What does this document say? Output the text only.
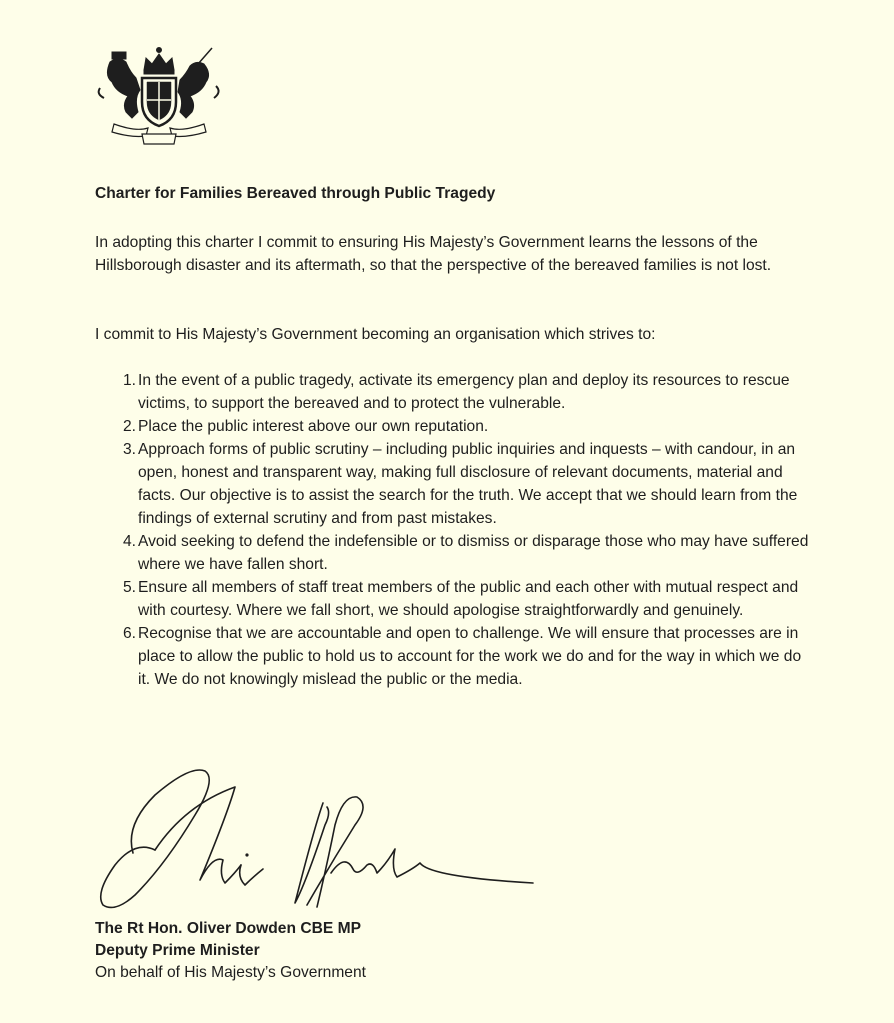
Charter for Families Bereaved through Public Tragedy

In adopting this charter I commit to ensuring His Majesty’s Government learns the lessons of the Hillsborough disaster and its aftermath, so that the perspective of the bereaved families is not lost.

I commit to His Majesty’s Government becoming an organisation which strives to:

1. In the event of a public tragedy, activate its emergency plan and deploy its resources to rescue victims, to support the bereaved and to protect the vulnerable.
2. Place the public interest above our own reputation.
3. Approach forms of public scrutiny – including public inquiries and inquests – with candour, in an open, honest and transparent way, making full disclosure of relevant documents, material and facts. Our objective is to assist the search for the truth. We accept that we should learn from the findings of external scrutiny and from past mistakes.
4. Avoid seeking to defend the indefensible or to dismiss or disparage those who may have suffered where we have fallen short.
5. Ensure all members of staff treat members of the public and each other with mutual respect and with courtesy. Where we fall short, we should apologise straightforwardly and genuinely.
6. Recognise that we are accountable and open to challenge. We will ensure that processes are in place to allow the public to hold us to account for the work we do and for the way in which we do it. We do not knowingly mislead the public or the media.
The Rt Hon. Oliver Dowden CBE MP
Deputy Prime Minister
On behalf of His Majesty’s Government
